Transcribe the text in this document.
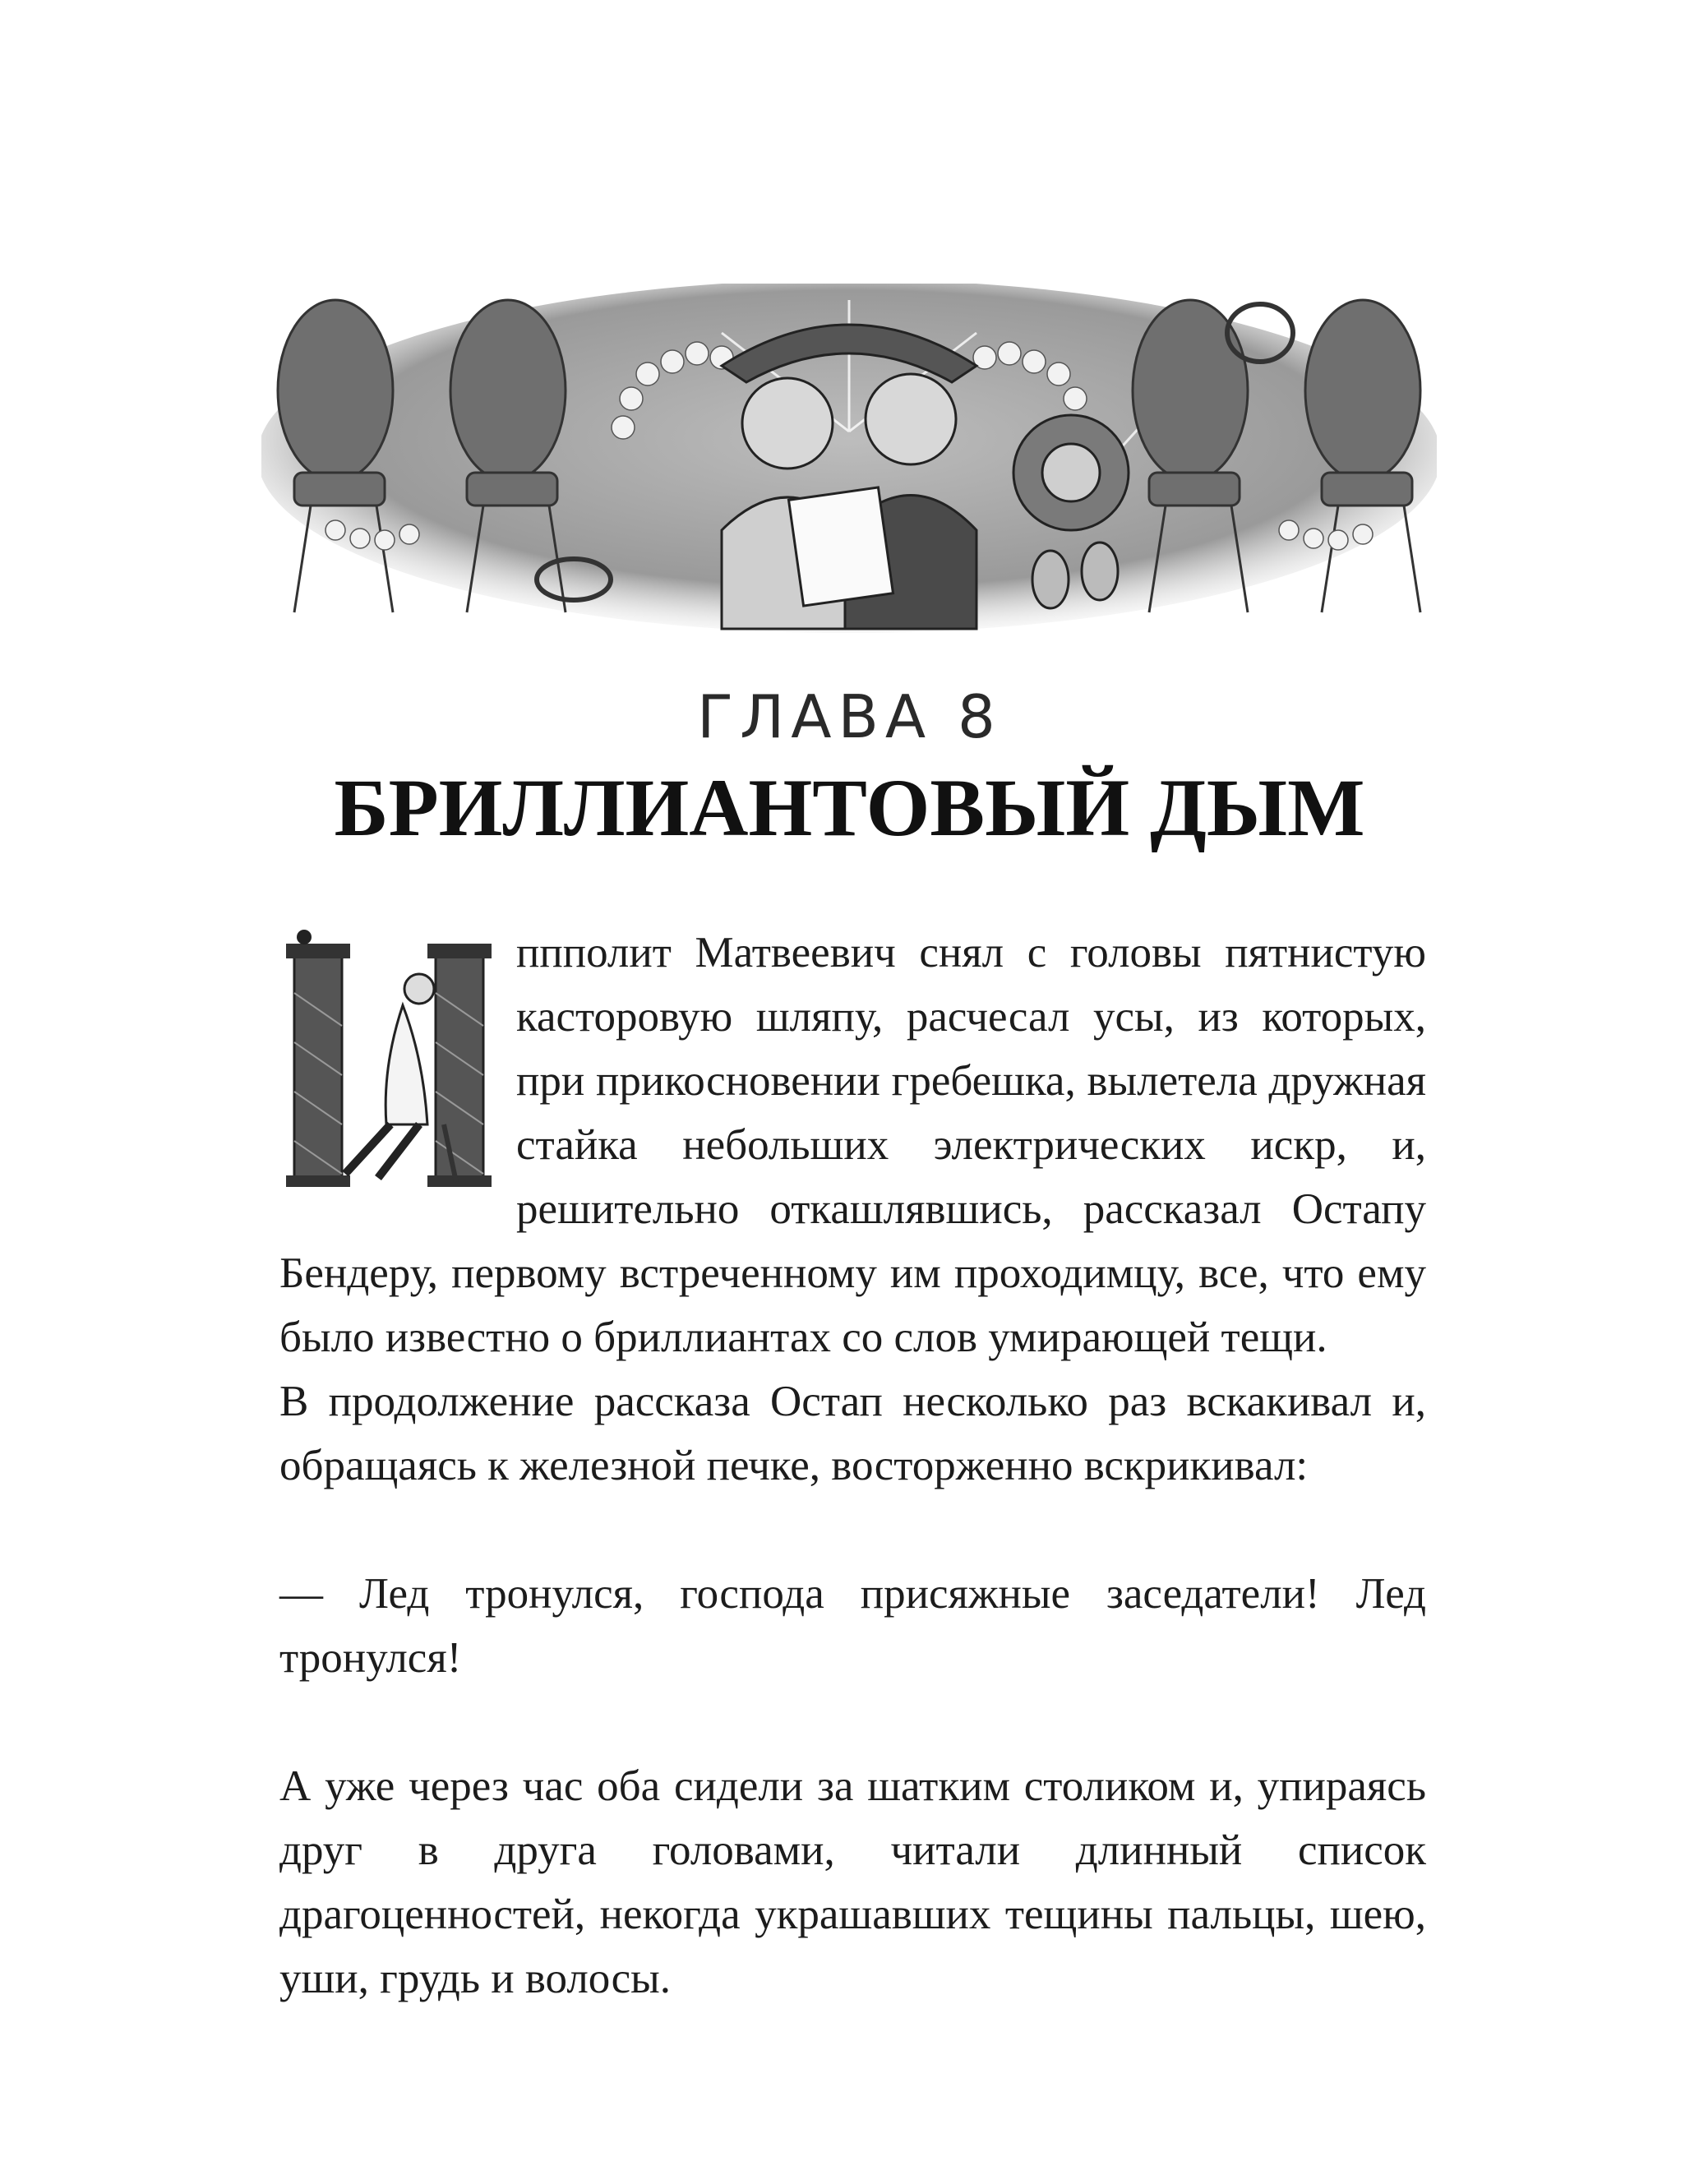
ГЛАВА 8
БРИЛЛИАНТОВЫЙ ДЫМ

ппполит Матвеевич снял с головы пятнистую касторовую шляпу, расчесал усы, из которых, при прикосновении гребешка, вылетела дружная стайка небольших электрических искр, и, решительно откашлявшись, рассказал Остапу Бендеру, первому встреченному им проходимцу, все, что ему было известно о бриллиантах со слов умирающей тещи.

В продолжение рассказа Остап несколько раз вскакивал и, обращаясь к железной печке, восторженно вскрикивал:

— Лед тронулся, господа присяжные заседатели! Лед тронулся!

А уже через час оба сидели за шатким столиком и, упираясь друг в друга головами, читали длинный список драгоценностей, некогда украшавших тещины пальцы, шею, уши, грудь и волосы.
